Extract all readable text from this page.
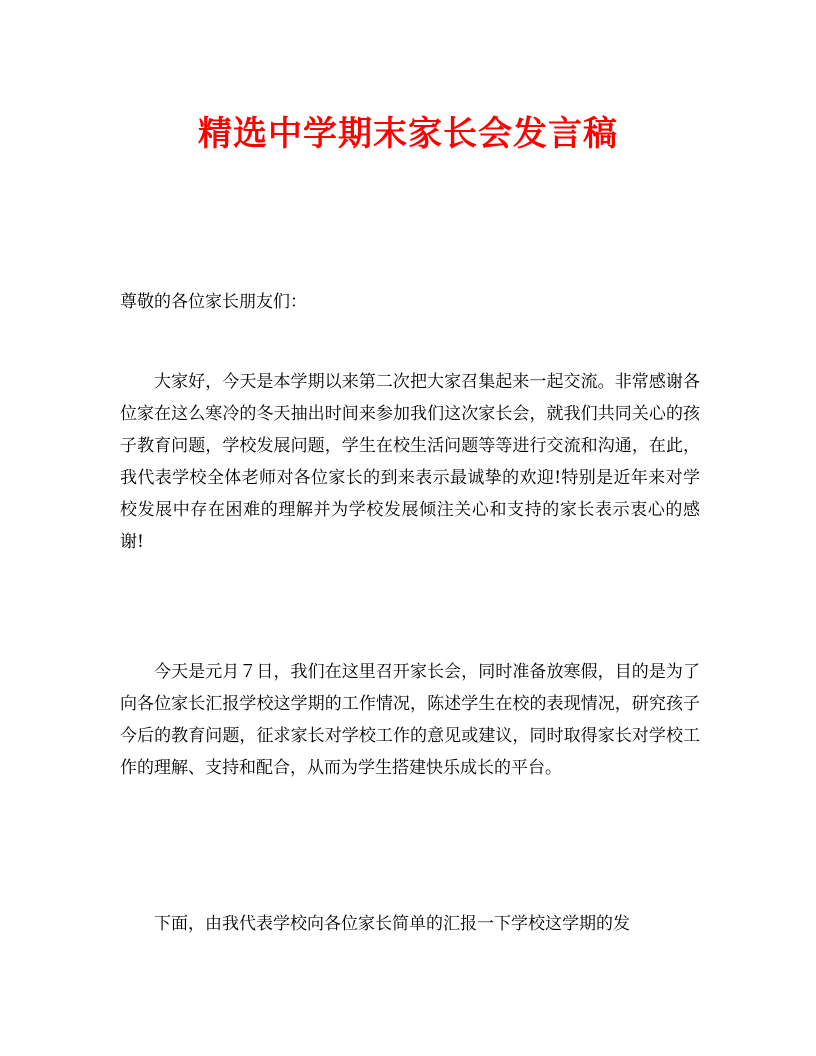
精选中学期末家长会发言稿
尊敬的各位家长朋友们：
大家好，今天是本学期以来第二次把大家召集起来一起交流。非常感谢各位家在这么寒冷的冬天抽出时间来参加我们这次家长会，就我们共同关心的孩子教育问题，学校发展问题，学生在校生活问题等等进行交流和沟通，在此，我代表学校全体老师对各位家长的到来表示最诚挚的欢迎!特别是近年来对学校发展中存在困难的理解并为学校发展倾注关心和支持的家长表示衷心的感谢!
今天是元月７日，我们在这里召开家长会，同时准备放寒假，目的是为了向各位家长汇报学校这学期的工作情况，陈述学生在校的表现情况，研究孩子今后的教育问题，征求家长对学校工作的意见或建议，同时取得家长对学校工作的理解、支持和配合，从而为学生搭建快乐成长的平台。
下面，由我代表学校向各位家长简单的汇报一下学校这学期的发
